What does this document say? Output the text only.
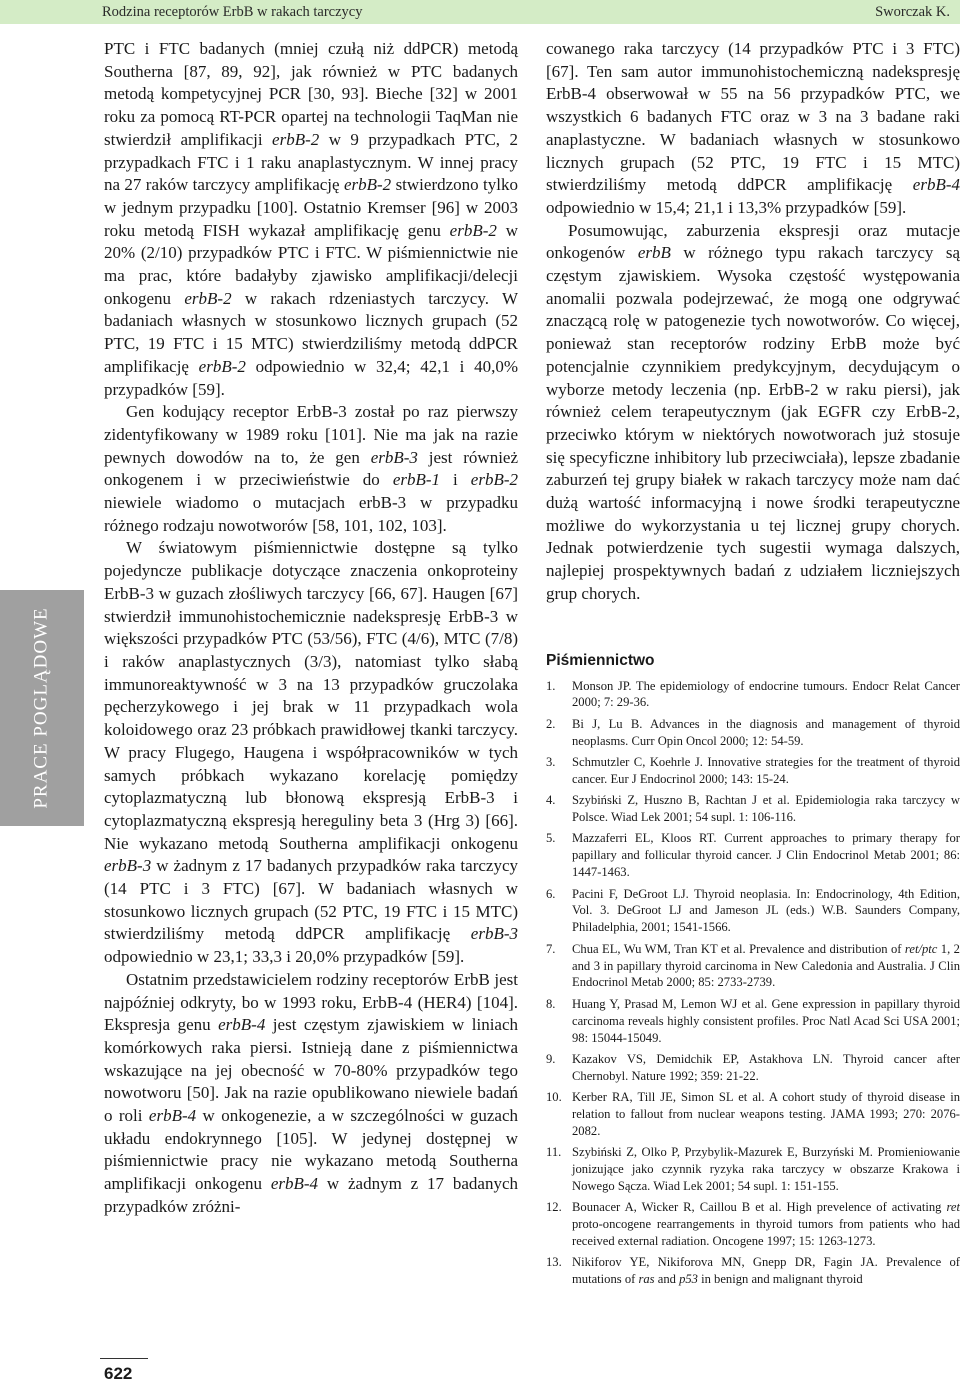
Rodzina receptorów ErbB w rakach tarczycy	Sworczak K.
PRACE POGLĄDOWE

PTC i FTC badanych (mniej czułą niż ddPCR) metodą Southerna [87, 89, 92], jak również w PTC badanych metodą kompetycyjnej PCR [30, 93]. Bieche [32] w 2001 roku za pomocą RT-PCR opartej na technologii TaqMan nie stwierdził amplifikacji erbB-2 w 9 przypadkach PTC, 2 przypadkach FTC i 1 raku anaplastycznym. W innej pracy na 27 raków tarczycy amplifikację erbB-2 stwierdzono tylko w jednym przypadku [100]. Ostatnio Kremser [96] w 2003 roku metodą FISH wykazał amplifikację genu erbB-2 w 20% (2/10) przypadków PTC i FTC. W piśmiennictwie nie ma prac, które badałyby zjawisko amplifikacji/delecji onkogenu erbB-2 w rakach rdzeniastych tarczycy. W badaniach własnych w stosunkowo licznych grupach (52 PTC, 19 FTC i 15 MTC) stwierdziliśmy metodą ddPCR amplifikację erbB-2 odpowiednio w 32,4; 42,1 i 40,0% przypadków [59].

Gen kodujący receptor ErbB-3 został po raz pierwszy zidentyfikowany w 1989 roku [101]. Nie ma jak na razie pewnych dowodów na to, że gen erbB-3 jest również onkogenem i w przeciwieństwie do erbB-1 i erbB-2 niewiele wiadomo o mutacjach erbB-3 w przypadku różnego rodzaju nowotworów [58, 101, 102, 103].

W światowym piśmiennictwie dostępne są tylko pojedyncze publikacje dotyczące znaczenia onkoproteiny ErbB-3 w guzach złośliwych tarczycy [66, 67]. Haugen [67] stwierdził immunohistochemicznie nadekspresję ErbB-3 w większości przypadków PTC (53/56), FTC (4/6), MTC (7/8) i raków anaplastycznych (3/3), natomiast tylko słabą immunoreaktywność w 3 na 13 przypadków gruczolaka pęcherzykowego i jej brak w 11 przypadkach wola koloidowego oraz 23 próbkach prawidłowej tkanki tarczycy. W pracy Flugego, Haugena i współpracowników w tych samych próbkach wykazano korelację pomiędzy cytoplazmatyczną lub błonową ekspresją ErbB-3 i cytoplazmatyczną ekspresją hereguliny beta 3 (Hrg 3) [66]. Nie wykazano metodą Southerna amplifikacji onkogenu erbB-3 w żadnym z 17 badanych przypadków raka tarczycy (14 PTC i 3 FTC) [67]. W badaniach własnych w stosunkowo licznych grupach (52 PTC, 19 FTC i 15 MTC) stwierdziliśmy metodą ddPCR amplifikację erbB-3 odpowiednio w 23,1; 33,3 i 20,0% przypadków [59].

Ostatnim przedstawicielem rodziny receptorów ErbB jest najpóźniej odkryty, bo w 1993 roku, ErbB-4 (HER4) [104]. Ekspresja genu erbB-4 jest częstym zjawiskiem w liniach komórkowych raka piersi. Istnieją dane z piśmiennictwa wskazujące na jej obecność w 70-80% przypadków tego nowotworu [50]. Jak na razie opublikowano niewiele badań o roli erbB-4 w onkogenezie, a w szczególności w guzach układu endokrynnego [105]. W jedynej dostępnej w piśmiennictwie pracy nie wykazano metodą Southerna amplifikacji onkogenu erbB-4 w żadnym z 17 badanych przypadków zróżni-

cowanego raka tarczycy (14 przypadków PTC i 3 FTC) [67]. Ten sam autor immunohistochemiczną nadekspresję ErbB-4 obserwował w 55 na 56 przypadków PTC, we wszystkich 6 badanych FTC oraz w 3 na 3 badane raki anaplastyczne. W badaniach własnych w stosunkowo licznych grupach (52 PTC, 19 FTC i 15 MTC) stwierdziliśmy metodą ddPCR amplifikację erbB-4 odpowiednio w 15,4; 21,1 i 13,3% przypadków [59].

Posumowując, zaburzenia ekspresji oraz mutacje onkogenów erbB w różnego typu rakach tarczycy są częstym zjawiskiem. Wysoka częstość występowania anomalii pozwala podejrzewać, że mogą one odgrywać znaczącą rolę w patogenezie tych nowotworów. Co więcej, ponieważ stan receptorów rodziny ErbB może być potencjalnie czynnikiem predykcyjnym, decydującym o wyborze metody leczenia (np. ErbB-2 w raku piersi), jak również celem terapeutycznym (jak EGFR czy ErbB-2, przeciwko którym w niektórych nowotworach już stosuje się specyficzne inhibitory lub przeciwciała), lepsze zbadanie zaburzeń tej grupy białek w rakach tarczycy może nam dać dużą wartość informacyjną i nowe środki terapeutyczne możliwe do wykorzystania u tej licznej grupy chorych. Jednak potwierdzenie tych sugestii wymaga dalszych, najlepiej prospektywnych badań z udziałem liczniejszych grup chorych.

Piśmiennictwo
1. Monson JP. The epidemiology of endocrine tumours. Endocr Relat Cancer 2000; 7: 29-36.
2. Bi J, Lu B. Advances in the diagnosis and management of thyroid neoplasms. Curr Opin Oncol 2000; 12: 54-59.
3. Schmutzler C, Koehrle J. Innovative strategies for the treatment of thyroid cancer. Eur J Endocrinol 2000; 143: 15-24.
4. Szybiński Z, Huszno B, Rachtan J et al. Epidemiologia raka tarczycy w Polsce. Wiad Lek 2001; 54 supl. 1: 106-116.
5. Mazzaferri EL, Kloos RT. Current approaches to primary therapy for papillary and follicular thyroid cancer. J Clin Endocrinol Metab 2001; 86: 1447-1463.
6. Pacini F, DeGroot LJ. Thyroid neoplasia. In: Endocrinology, 4th Edition, Vol. 3. DeGroot LJ and Jameson JL (eds.) W.B. Saunders Company, Philadelphia, 2001; 1541-1566.
7. Chua EL, Wu WM, Tran KT et al. Prevalence and distribution of ret/ptc 1, 2 and 3 in papillary thyroid carcinoma in New Caledonia and Australia. J Clin Endocrinol Metab 2000; 85: 2733-2739.
8. Huang Y, Prasad M, Lemon WJ et al. Gene expression in papillary thyroid carcinoma reveals highly consistent profiles. Proc Natl Acad Sci USA 2001; 98: 15044-15049.
9. Kazakov VS, Demidchik EP, Astakhova LN. Thyroid cancer after Chernobyl. Nature 1992; 359: 21-22.
10. Kerber RA, Till JE, Simon SL et al. A cohort study of thyroid disease in relation to fallout from nuclear weapons testing. JAMA 1993; 270: 2076-2082.
11. Szybiński Z, Olko P, Przybylik-Mazurek E, Burzyński M. Promieniowanie jonizujące jako czynnik ryzyka raka tarczycy w obszarze Krakowa i Nowego Sącza. Wiad Lek 2001; 54 supl. 1: 151-155.
12. Bounacer A, Wicker R, Caillou B et al. High prevelence of activating ret proto-oncogene rearrangements in thyroid tumors from patients who had received external radiation. Oncogene 1997; 15: 1263-1273.
13. Nikiforov YE, Nikiforova MN, Gnepp DR, Fagin JA. Prevalence of mutations of ras and p53 in benign and malignant thyroid
622
